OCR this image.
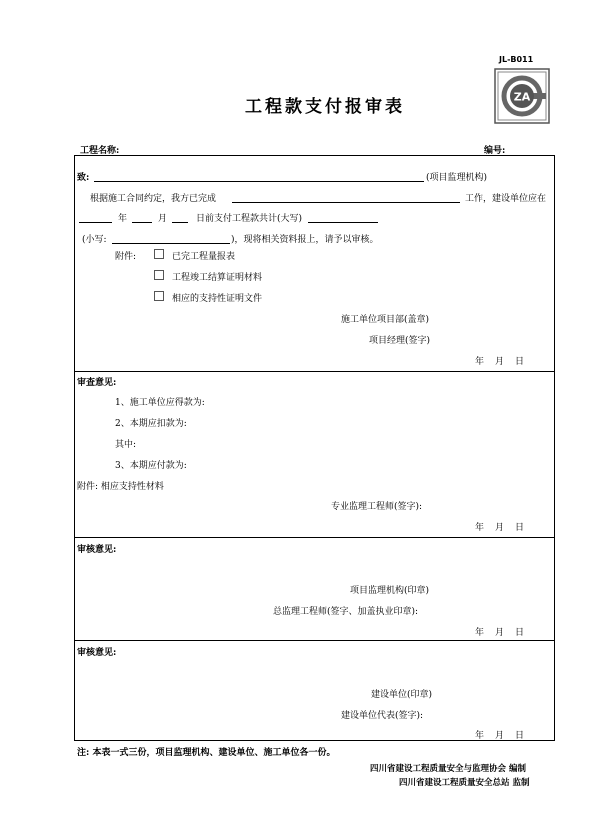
JL-B011
工程款支付报审表	ZA
工程名称:	编号:
致:	(项目监理机构)
根据施工合同约定，我方已完成	工作，建设单位应在
年	月	日前支付工程款共计(大写)
(小写:	)，现将相关资料报上，请予以审核。
附件:	已完工程量报表
工程竣工结算证明材料
相应的支持性证明文件
施工单位项目部(盖章)
项目经理(签字)
年 月 日
审查意见:
1、施工单位应得款为:
2、本期应扣款为:
其中:
3、本期应付款为:
附件: 相应支持性材料
专业监理工程师(签字):
年 月 日
审核意见:
项目监理机构(印章)
总监理工程师(签字、加盖执业印章):
年 月 日
审核意见:
建设单位(印章)
建设单位代表(签字):
年 月 日
注: 本表一式三份，项目监理机构、建设单位、施工单位各一份。
四川省建设工程质量安全与监理协会 编制
四川省建设工程质量安全总站 监制
